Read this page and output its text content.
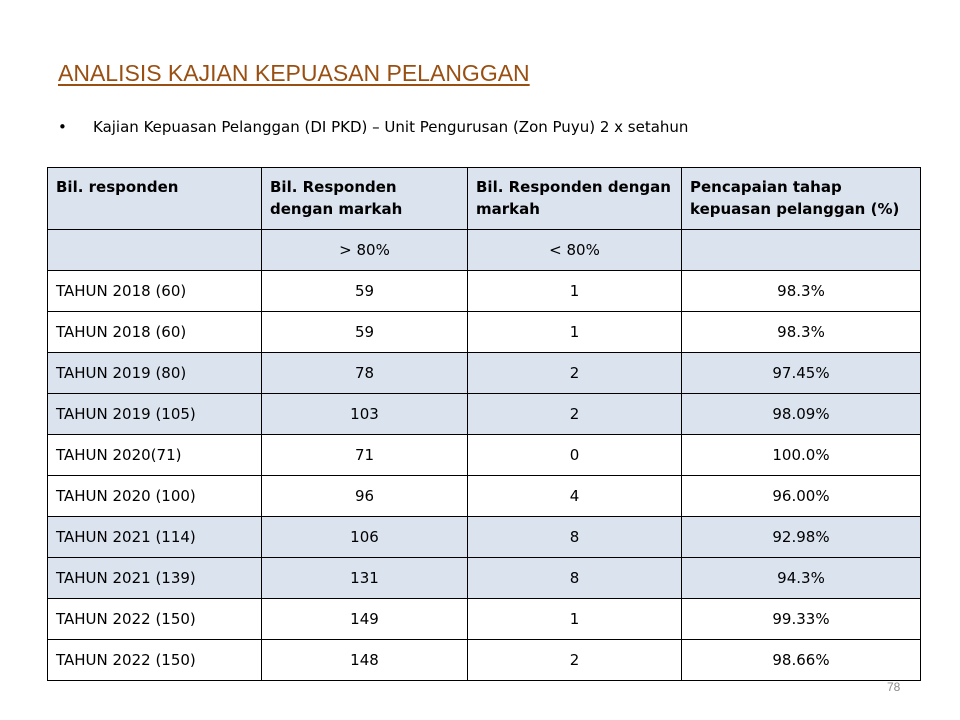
ANALISIS KAJIAN KEPUASAN PELANGGAN
• Kajian Kepuasan Pelanggan (DI PKD) – Unit Pengurusan (Zon Puyu) 2 x setahun
Bil. responden	Bil. Responden dengan markah	Bil. Responden dengan markah	Pencapaian tahap kepuasan pelanggan (%)
	> 80%	< 80%	
TAHUN 2018 (60)	59	1	98.3%
TAHUN 2018 (60)	59	1	98.3%
TAHUN 2019 (80)	78	2	97.45%
TAHUN 2019 (105)	103	2	98.09%
TAHUN 2020(71)	71	0	100.0%
TAHUN 2020 (100)	96	4	96.00%
TAHUN 2021 (114)	106	8	92.98%
TAHUN 2021 (139)	131	8	94.3%
TAHUN 2022 (150)	149	1	99.33%
TAHUN 2022 (150)	148	2	98.66%
78
